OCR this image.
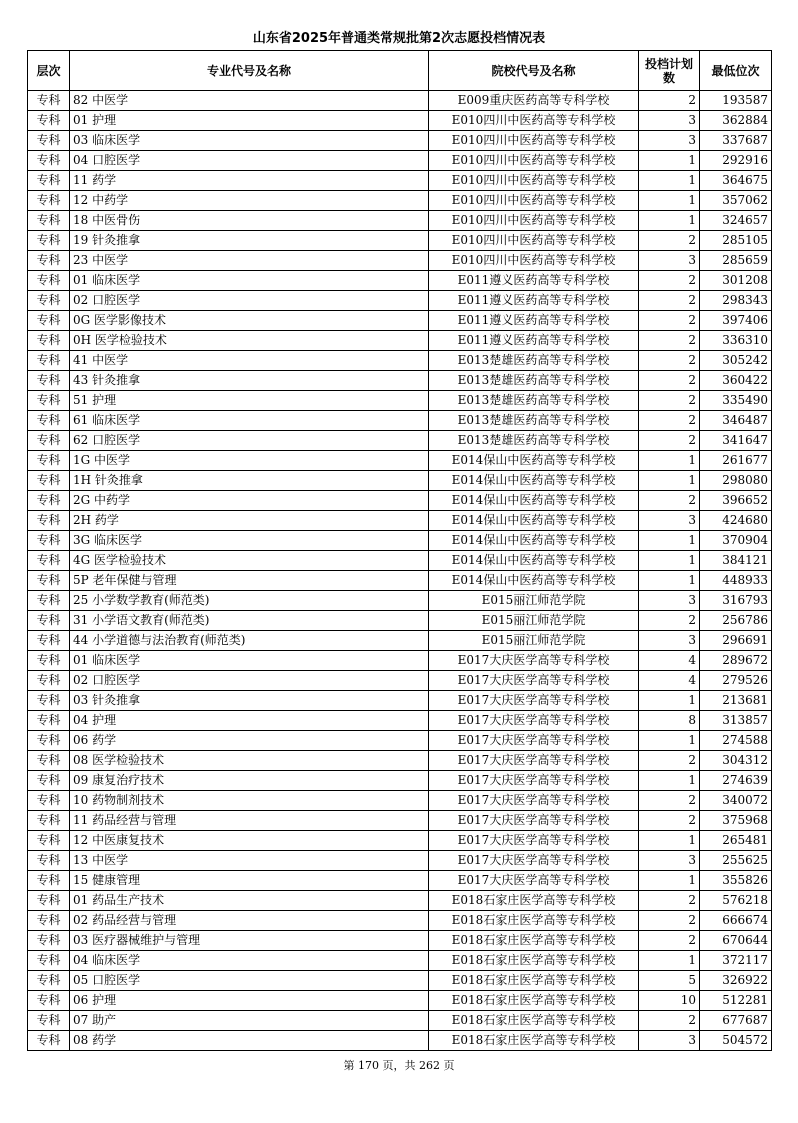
山东省2025年普通类常规批第2次志愿投档情况表
层次	专业代号及名称	院校代号及名称	投档计划数	最低位次
专科	82 中医学	E009重庆医药高等专科学校	2	193587
专科	01 护理	E010四川中医药高等专科学校	3	362884
专科	03 临床医学	E010四川中医药高等专科学校	3	337687
专科	04 口腔医学	E010四川中医药高等专科学校	1	292916
专科	11 药学	E010四川中医药高等专科学校	1	364675
专科	12 中药学	E010四川中医药高等专科学校	1	357062
专科	18 中医骨伤	E010四川中医药高等专科学校	1	324657
专科	19 针灸推拿	E010四川中医药高等专科学校	2	285105
专科	23 中医学	E010四川中医药高等专科学校	3	285659
专科	01 临床医学	E011遵义医药高等专科学校	2	301208
专科	02 口腔医学	E011遵义医药高等专科学校	2	298343
专科	0G 医学影像技术	E011遵义医药高等专科学校	2	397406
专科	0H 医学检验技术	E011遵义医药高等专科学校	2	336310
专科	41 中医学	E013楚雄医药高等专科学校	2	305242
专科	43 针灸推拿	E013楚雄医药高等专科学校	2	360422
专科	51 护理	E013楚雄医药高等专科学校	2	335490
专科	61 临床医学	E013楚雄医药高等专科学校	2	346487
专科	62 口腔医学	E013楚雄医药高等专科学校	2	341647
专科	1G 中医学	E014保山中医药高等专科学校	1	261677
专科	1H 针灸推拿	E014保山中医药高等专科学校	1	298080
专科	2G 中药学	E014保山中医药高等专科学校	2	396652
专科	2H 药学	E014保山中医药高等专科学校	3	424680
专科	3G 临床医学	E014保山中医药高等专科学校	1	370904
专科	4G 医学检验技术	E014保山中医药高等专科学校	1	384121
专科	5P 老年保健与管理	E014保山中医药高等专科学校	1	448933
专科	25 小学数学教育(师范类)	E015丽江师范学院	3	316793
专科	31 小学语文教育(师范类)	E015丽江师范学院	2	256786
专科	44 小学道德与法治教育(师范类)	E015丽江师范学院	3	296691
专科	01 临床医学	E017大庆医学高等专科学校	4	289672
专科	02 口腔医学	E017大庆医学高等专科学校	4	279526
专科	03 针灸推拿	E017大庆医学高等专科学校	1	213681
专科	04 护理	E017大庆医学高等专科学校	8	313857
专科	06 药学	E017大庆医学高等专科学校	1	274588
专科	08 医学检验技术	E017大庆医学高等专科学校	2	304312
专科	09 康复治疗技术	E017大庆医学高等专科学校	1	274639
专科	10 药物制剂技术	E017大庆医学高等专科学校	2	340072
专科	11 药品经营与管理	E017大庆医学高等专科学校	2	375968
专科	12 中医康复技术	E017大庆医学高等专科学校	1	265481
专科	13 中医学	E017大庆医学高等专科学校	3	255625
专科	15 健康管理	E017大庆医学高等专科学校	1	355826
专科	01 药品生产技术	E018石家庄医学高等专科学校	2	576218
专科	02 药品经营与管理	E018石家庄医学高等专科学校	2	666674
专科	03 医疗器械维护与管理	E018石家庄医学高等专科学校	2	670644
专科	04 临床医学	E018石家庄医学高等专科学校	1	372117
专科	05 口腔医学	E018石家庄医学高等专科学校	5	326922
专科	06 护理	E018石家庄医学高等专科学校	10	512281
专科	07 助产	E018石家庄医学高等专科学校	2	677687
专科	08 药学	E018石家庄医学高等专科学校	3	504572
第 170 页，共 262 页
